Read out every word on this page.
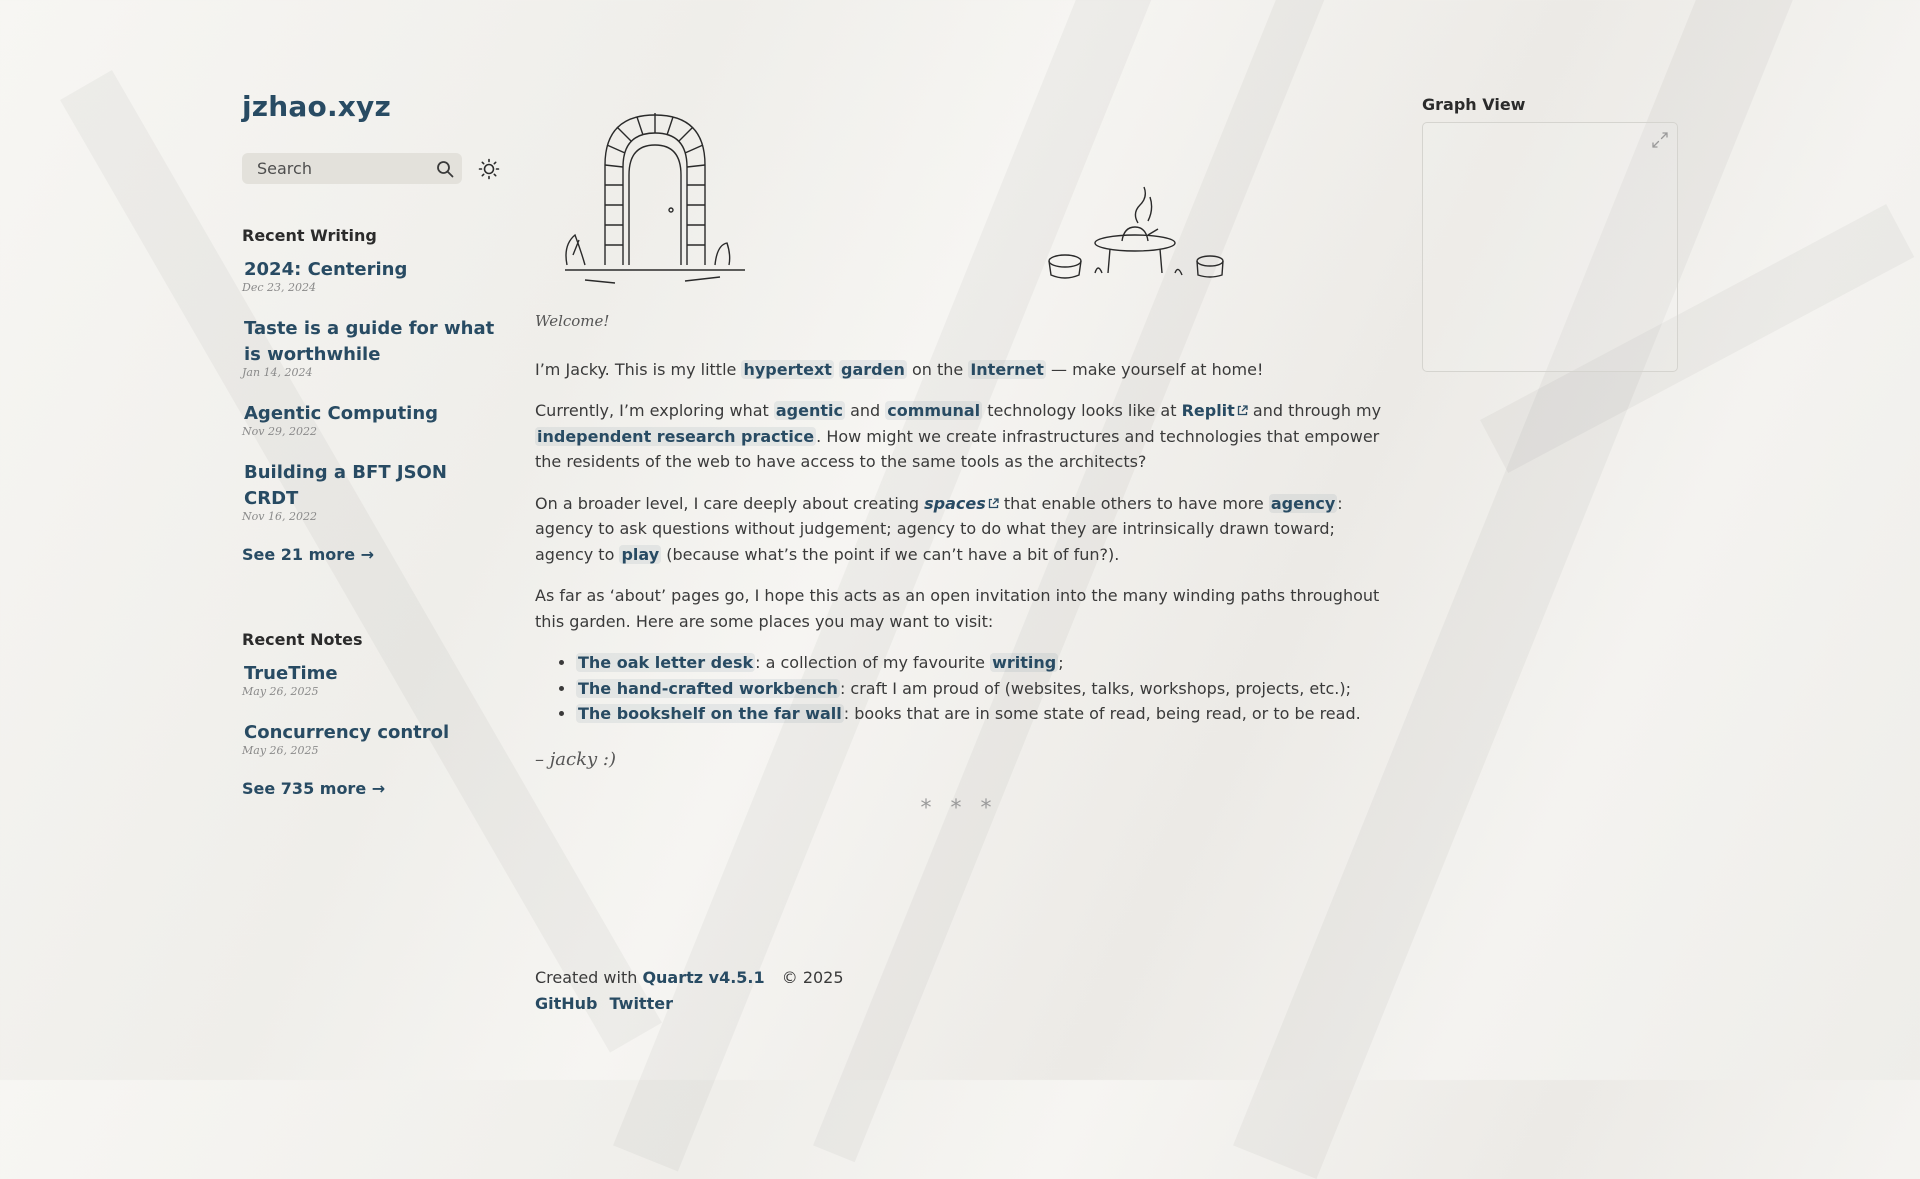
jzhao.xyz
Search
Recent Writing
2024: Centering
Dec 23, 2024
Taste is a guide for what is worthwhile
Jan 14, 2024
Agentic Computing
Nov 29, 2022
Building a BFT JSON CRDT
Nov 16, 2022
See 21 more →
Recent Notes
TrueTime
May 26, 2025
Concurrency control
May 26, 2025
See 735 more →
Welcome!

I’m Jacky. This is my little hypertext garden on the Internet — make yourself at home!

Currently, I’m exploring what agentic and communal technology looks like at Replit and through my independent research practice . How might we create infrastructures and technologies that empower the residents of the web to have access to the same tools as the architects?

On a broader level, I care deeply about creating spaces that enable others to have more agency : agency to ask questions without judgement; agency to do what they are intrinsically drawn toward; agency to play (because what’s the point if we can’t have a bit of fun?).

As far as ‘about’ pages go, I hope this acts as an open invitation into the many winding paths throughout this garden. Here are some places you may want to visit:

• The oak letter desk : a collection of my favourite writing ;
• The hand-crafted workbench : craft I am proud of (websites, talks, workshops, projects, etc.);
• The bookshelf on the far wall : books that are in some state of read, being read, or to be read.
– jacky :)
* * *
Created with Quartz v4.5.1 © 2025
GitHub Twitter
Graph View
